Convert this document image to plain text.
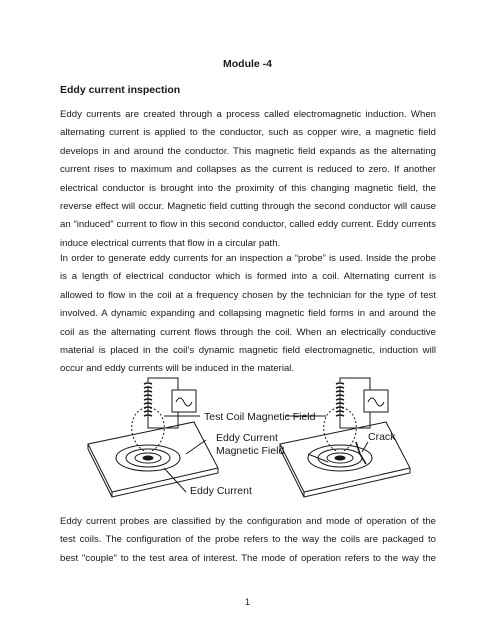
Module -4
Eddy current inspection
Eddy currents are created through a process called electromagnetic induction. When
alternating current is applied to the conductor, such as copper wire, a magnetic field
develops in and around the conductor. This magnetic field expands as the alternating
current rises to maximum and collapses as the current is reduced to zero. If another
electrical conductor is brought into the proximity of this changing magnetic field, the
reverse effect will occur. Magnetic field cutting through the second conductor will cause
an “induced” current to flow in this second conductor, called eddy current. Eddy currents
induce electrical currents that flow in a circular path.
In order to generate eddy currents for an inspection a “probe” is used. Inside the probe
is a length of electrical conductor which is formed into a coil. Alternating current is
allowed to flow in the coil at a frequency chosen by the technician for the type of test
involved. A dynamic expanding and collapsing magnetic field forms in and around the
coil as the alternating current flows through the coil. When an electrically conductive
material is placed in the coil’s dynamic magnetic field electromagnetic, induction will
occur and eddy currents will be induced in the material.
Test Coil Magnetic Field
Eddy Current
Magnetic Field
Crack
Eddy Current
Eddy current probes are classified by the configuration and mode of operation of the
test coils. The configuration of the probe refers to the way the coils are packaged to
best "couple" to the test area of interest. The mode of operation refers to the way the
1
